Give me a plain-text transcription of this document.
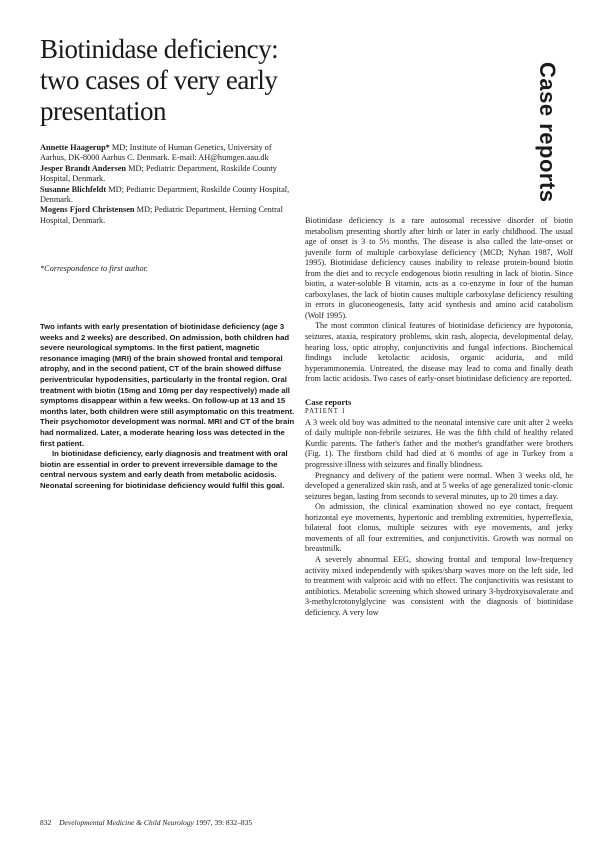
Biotinidase deficiency:
two cases of very early
presentation	Case reports

Annette Haagerup* MD; Institute of Human Genetics, University of Aarhus, DK-8000 Aarhus C. Denmark. E-mail: AH@humgen.aau.dk

Jesper Brandt Andersen MD; Pediatric Department, Roskilde County Hospital, Denmark.

Susanne Blichfeldt MD; Pediatric Department, Roskilde County Hospital, Denmark.

Mogens Fjord Christensen MD; Pediatric Department, Herning Central Hospital, Denmark.

*Correspondence to first author.

Two infants with early presentation of biotinidase deficiency (age 3 weeks and 2 weeks) are described. On admission, both children had severe neurological symptoms. In the first patient, magnetic resonance imaging (MRI) of the brain showed frontal and temporal atrophy, and in the second patient, CT of the brain showed diffuse periventricular hypodensities, particularly in the frontal region. Oral treatment with biotin (15mg and 10mg per day respectively) made all symptoms disappear within a few weeks. On follow-up at 13 and 15 months later, both children were still asymptomatic on this treatment. Their psychomotor development was normal. MRI and CT of the brain had normalized. Later, a moderate hearing loss was detected in the first patient.

In biotinidase deficiency, early diagnosis and treatment with oral biotin are essential in order to prevent irreversible damage to the central nervous system and early death from metabolic acidosis. Neonatal screening for biotinidase deficiency would fulfil this goal.

Biotinidase deficiency is a rare autosomal recessive disorder of biotin metabolism presenting shortly after birth or later in early childhood. The usual age of onset is 3 to 5½ months. The disease is also called the late-onset or juvenile form of multiple carboxylase deficiency (MCD; Nyhan 1987, Wolf 1995). Biotinidase deficiency causes inability to release protein-bound biotin from the diet and to recycle endogenous biotin resulting in lack of biotin. Since biotin, a water-soluble B vitamin, acts as a co-enzyme in four of the human carboxylases, the lack of biotin causes multiple carboxylase deficiency resulting in errors in gluconeogenesis, fatty acid synthesis and amino acid catabolism (Wolf 1995).

The most common clinical features of biotinidase deficiency are hypotonia, seizures, ataxia, respiratory problems, skin rash, alopecia, developmental delay, hearing loss, optic atrophy, conjunctivitis and fungal infections. Biochemical findings include ketolactic acidosis, organic aciduria, and mild hyperammonemia. Untreated, the disease may lead to coma and finally death from lactic acidosis. Two cases of early-onset biotinidase deficiency are reported.

Case reports
PATIENT 1

A 3 week old boy was admitted to the neonatal intensive care unit after 2 weeks of daily multiple non-febrile seizures. He was the fifth child of healthy related Kurdic parents. The father's father and the mother's grandfather were brothers (Fig. 1). The firstborn child had died at 6 months of age in Turkey from a progressive illness with seizures and finally blindness.

Pregnancy and delivery of the patient were normal. When 3 weeks old, he developed a generalized skin rash, and at 5 weeks of age generalized tonic-clonic seizures began, lasting from seconds to several minutes, up to 20 times a day.

On admission, the clinical examination showed no eye contact, frequent horizontal eye movements, hypertonic and trembling extremities, hyperreflexia, bilateral foot clonus, multiple seizures with eye movements, and jerky movements of all four extremities, and conjunctivitis. Growth was normal on breastmilk.

A severely abnormal EEG, showing frontal and temporal low-frequency activity mixed independently with spikes/sharp waves more on the left side, led to treatment with valproic acid with no effect. The conjunctivitis was resistant to antibiotics. Metabolic screening which showed urinary 3-hydroxyisovalerate and 3-methylcrotonylglycine was consistent with the diagnosis of biotinidase deficiency. A very low

832 Developmental Medicine & Child Neurology 1997, 39: 832–835
